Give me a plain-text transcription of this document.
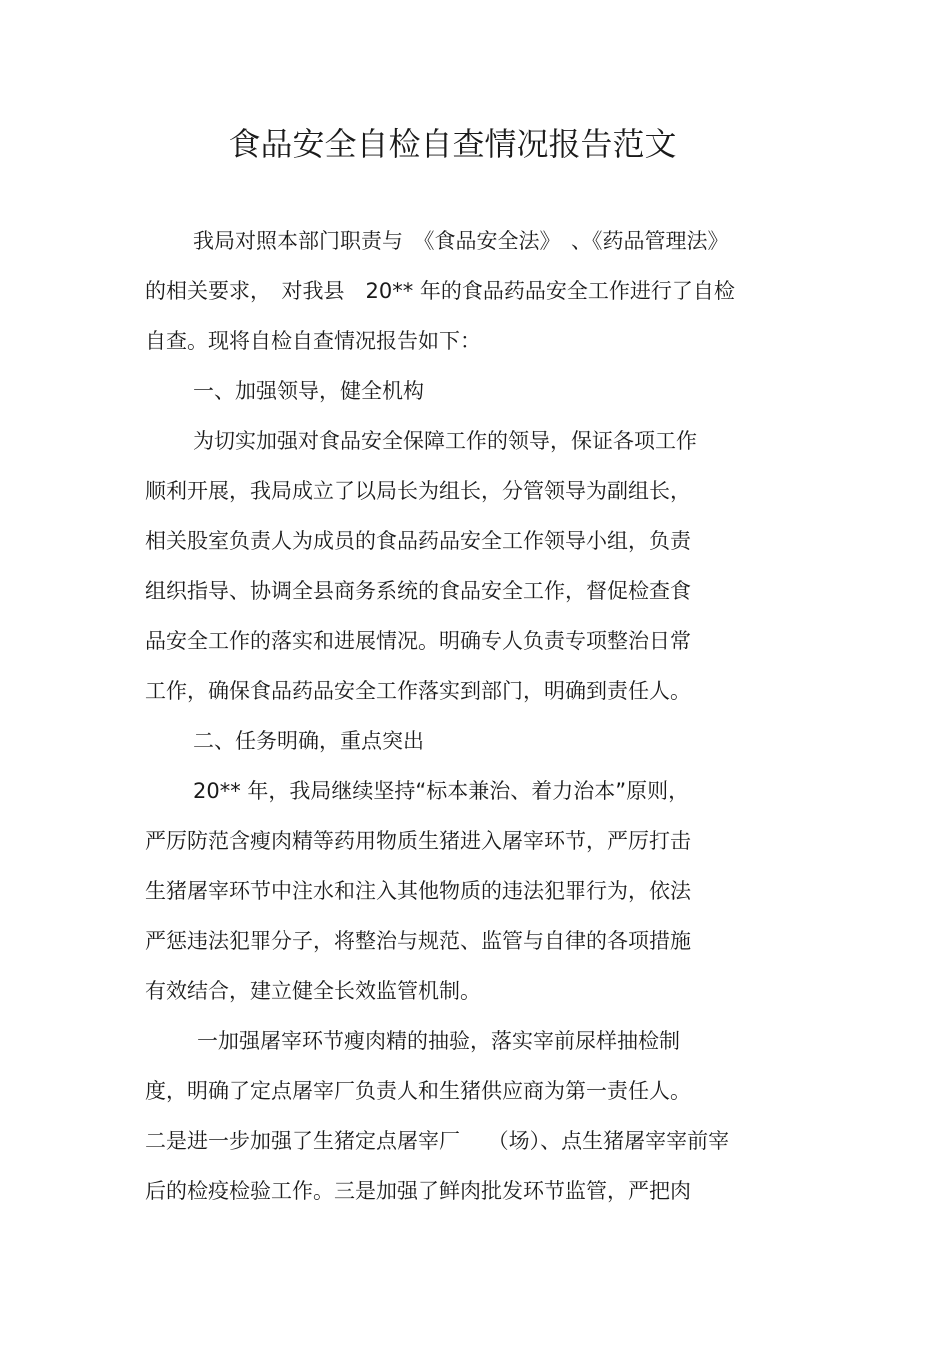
食品安全自检自查情况报告范文
我局对照本部门职责与　《食品安全法》　、《药品管理法》
的相关要求，　对我县　20** 年的食品药品安全工作进行了自检
自查。现将自检自查情况报告如下：
一、加强领导，健全机构
为切实加强对食品安全保障工作的领导，保证各项工作
顺利开展，我局成立了以局长为组长，分管领导为副组长，
相关股室负责人为成员的食品药品安全工作领导小组，负责
组织指导、协调全县商务系统的食品安全工作，督促检查食
品安全工作的落实和进展情况。明确专人负责专项整治日常
工作，确保食品药品安全工作落实到部门，明确到责任人。
二、任务明确，重点突出
20** 年，我局继续坚持“标本兼治、着力治本”原则，
严厉防范含瘦肉精等药用物质生猪进入屠宰环节，严厉打击
生猪屠宰环节中注水和注入其他物质的违法犯罪行为，依法
严惩违法犯罪分子，将整治与规范、监管与自律的各项措施
有效结合，建立健全长效监管机制。
一加强屠宰环节瘦肉精的抽验，落实宰前尿样抽检制
度，明确了定点屠宰厂负责人和生猪供应商为第一责任人。
二是进一步加强了生猪定点屠宰厂　 （场）、点生猪屠宰宰前宰
后的检疫检验工作。三是加强了鲜肉批发环节监管，严把肉
